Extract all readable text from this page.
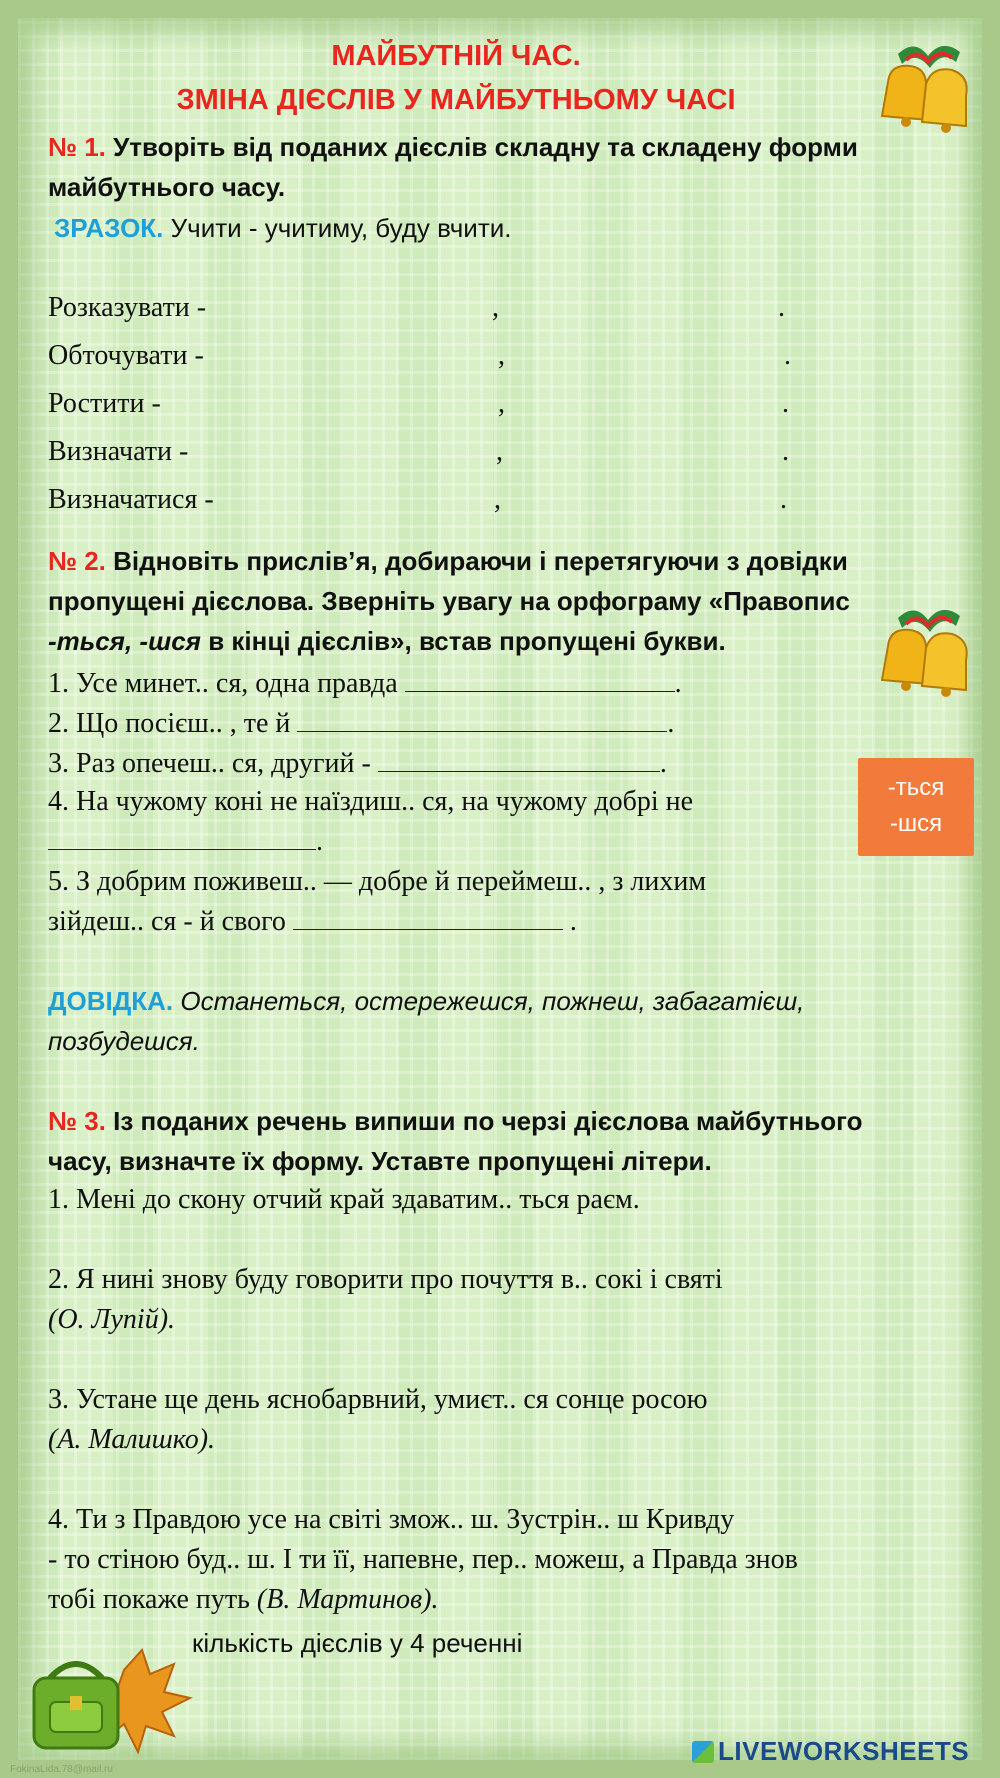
МАЙБУТНІЙ ЧАС.
ЗМІНА ДІЄСЛІВ У МАЙБУТНЬОМУ ЧАСІ
№ 1. Утворіть від поданих дієслів складну та складену форми
майбутнього часу.
ЗРАЗОК. Учити - учитиму, буду вчити.
Розказувати -	,	.
Обточувати -	,	.
Ростити -	,	.
Визначати -	,	.
Визначатися -	,	.
№ 2. Відновіть прислів’я, добираючи і перетягуючи з довідки
пропущені дієслова. Зверніть увагу на орфограму «Правопис
-ться, -шся в кінці дієслів», встав пропущені букви.
1. Усе минет.. ся, одна правда	.
2. Що посієш.. , те й	.
3. Раз опечеш.. ся, другий -	.
4. На чужому коні не наїздиш.. ся, на чужому добрі не
.
5. З добрим поживеш.. — добре й переймеш.. , з лихим
зійдеш.. ся - й свого	.
-ться
-шся
ДОВІДКА. Останеться, остережешся, пожнеш, забагатієш,
позбудешся.
№ 3. Із поданих речень випиши по черзі дієслова майбутнього
часу, визначте їх форму. Уставте пропущені літери.
1. Мені до скону отчий край здаватим.. ться раєм.
2. Я нині знову буду говорити про почуття в.. сокі і святі
(О. Лупій).
3. Устане ще день яснобарвний, умиєт.. ся сонце росою
(А. Малишко).
4. Ти з Правдою усе на світі змож.. ш. Зустрін.. ш Кривду
- то стіною буд.. ш. І ти її, напевне, пер.. можеш, а Правда знов
тобі покаже путь (В. Мартинов).
кількість дієслів у 4 реченні
LIVEWORKSHEETS
FokinaLida.78@mail.ru
